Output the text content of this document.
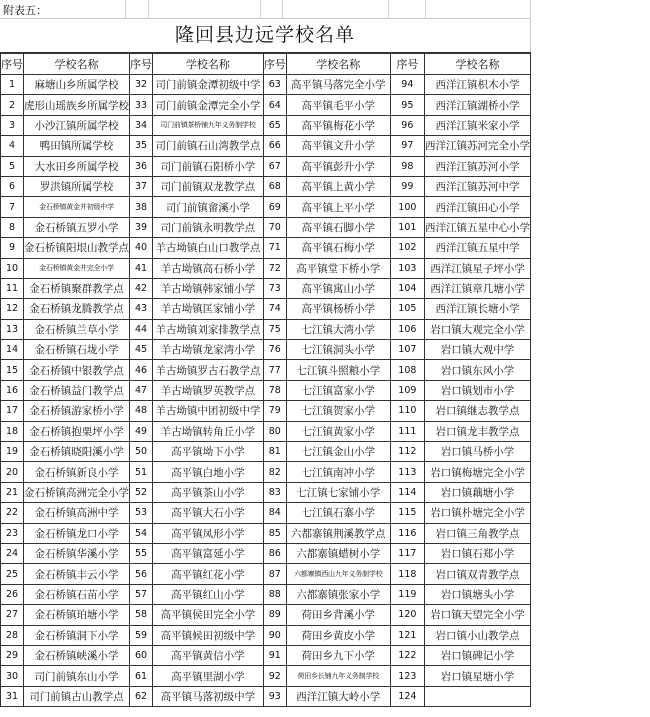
附表五：
隆回县边远学校名单
序号	学校名称	序号	学校名称	序号	学校名称	序号	学校名称
1	麻塘山乡所属学校	32	司门前镇金潭初级中学	63	高平镇马落完全小学	94	西洋江镇枳木小学
2	虎形山瑶族乡所属学校	33	司门前镇金潭完全小学	64	高平镇毛平小学	95	西洋江镇湖桥小学
3	小沙江镇所属学校	34	司门前镇茶桥铺九年义务制学校	65	高平镇梅花小学	96	西洋江镇米家小学
4	鸭田镇所属学校	35	司门前镇石山湾教学点	66	高平镇文升小学	97	西洋江镇苏河完全小学
5	大水田乡所属学校	36	司门前镇石阳桥小学	67	高平镇彭升小学	98	西洋江镇苏河小学
6	罗洪镇所属学校	37	司门前镇双龙教学点	68	高平镇上黄小学	99	西洋江镇苏河中学
7	金石桥镇黄金井初级中学	38	司门前镇畲溪小学	69	高平镇上平小学	100	西洋江镇田心小学
8	金石桥镇五罗小学	39	司门前镇永明教学点	70	高平镇石脚小学	101	西洋江镇五星中心小学
9	金石桥镇阳垠山教学点	40	羊古坳镇白山口教学点	71	高平镇石梅小学	102	西洋江镇五星中学
10	金石桥镇黄金井完全小学	41	羊古坳镇高石桥小学	72	高平镇堂下桥小学	103	西洋江镇星子坪小学
11	金石桥镇聚群教学点	42	羊古坳镇韩家铺小学	73	高平镇寓山小学	104	西洋江镇章几塘小学
12	金石桥镇龙腾教学点	43	羊古坳镇匡家铺小学	74	高平镇杨桥小学	105	西洋江镇长塘小学
13	金石桥镇兰草小学	44	羊古坳镇刘家排教学点	75	七江镇大湾小学	106	岩口镇大观完全小学
14	金石桥镇石垅小学	45	羊古坳镇龙家湾小学	76	七江镇洞头小学	107	岩口镇大观中学
15	金石桥镇中银教学点	46	羊古坳镇罗古石教学点	77	七江镇斗照粮小学	108	岩口镇东风小学
16	金石桥镇益门教学点	47	羊古坳镇罗英教学点	78	七江镇富家小学	109	岩口镇划市小学
17	金石桥镇游家桥小学	48	羊古坳镇中团初级中学	79	七江镇贺家小学	110	岩口镇继志教学点
18	金石桥镇抱栗坪小学	49	羊古坳镇转角丘小学	80	七江镇黄家小学	111	岩口镇龙丰教学点
19	金石桥镇晓阳溪小学	50	高平镇坳下小学	81	七江镇金山小学	112	岩口镇马桥小学
20	金石桥镇新良小学	51	高平镇白地小学	82	七江镇南冲小学	113	岩口镇梅塘完全小学
21	金石桥镇高洲完全小学	52	高平镇茶山小学	83	七江镇七家铺小学	114	岩口镇藕塘小学
22	金石桥镇高洲中学	53	高平镇大石小学	84	七江镇石寨小学	115	岩口镇朴塘完全小学
23	金石桥镇龙口小学	54	高平镇凤形小学	85	六都寨镇荆溪教学点	116	岩口镇三角教学点
24	金石桥镇华溪小学	55	高平镇富延小学	86	六都寨镇蜡树小学	117	岩口镇石郑小学
25	金石桥镇丰云小学	56	高平镇红花小学	87	六都寨镇西山九年义务制学校	118	岩口镇双青教学点
26	金石桥镇石苗小学	57	高平镇红山小学	88	六都寨镇张家小学	119	岩口镇塘头小学
27	金石桥镇珀塘小学	58	高平镇侯田完全小学	89	荷田乡背溪小学	120	岩口镇天望完全小学
28	金石桥镇洞下小学	59	高平镇候田初级中学	90	荷田乡黄皮小学	121	岩口镇小山教学点
29	金石桥镇峡溪小学	60	高平镇黄信小学	91	荷田乡九下小学	122	岩口镇碑记小学
30	司门前镇东山小学	61	高平镇里湖小学	92	荷田乡长铺九年义务制学校	123	岩口镇星塘小学
31	司门前镇古山教学点	62	高平镇马落初级中学	93	西洋江镇大岭小学	124	
